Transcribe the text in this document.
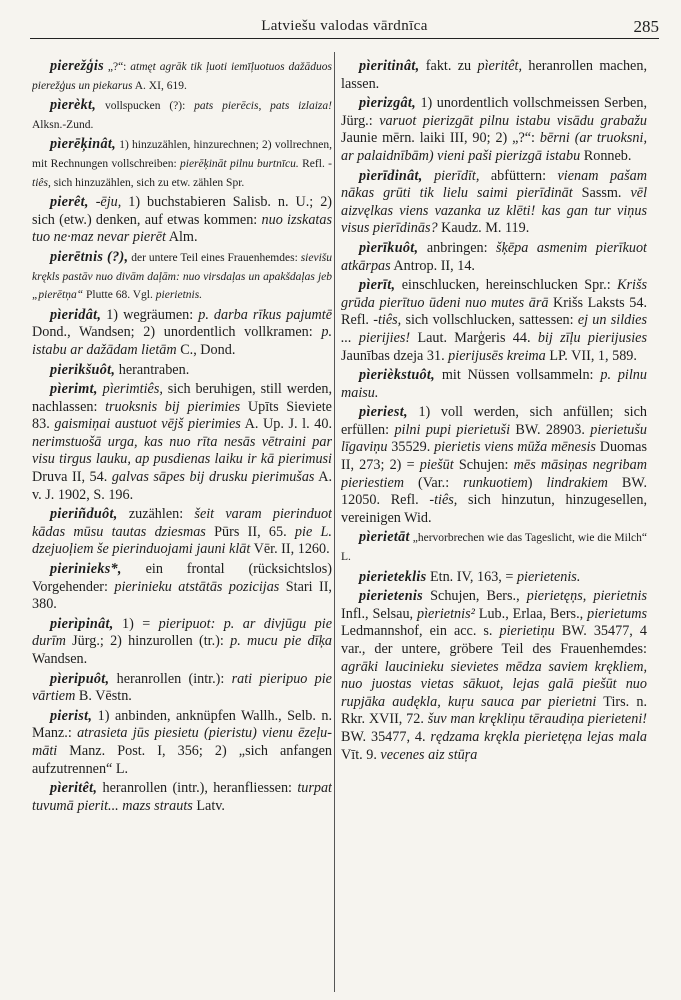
Latviešu valodas vārdnīca	285

pierežģis „?“: atmęt agrāk tik ļuoti iemīļuotuos dažāduos pierežģus un piekarus A. XI, 619.

pìerèkt, vollspucken (?): pats pierēcis, pats izlaiza! Alksn.-Zund.

pìerēķinât, 1) hinzuzählen, hinzurechnen; 2) vollrechnen, mit Rechnungen vollschreiben: pierēķināt pilnu burtnīcu. Refl. -tiês, sich hinzuzählen, sich zu etw. zählen Spr.

pierêt, -ēju, 1) buchstabieren Salisb. n. U.; 2) sich (etw.) denken, auf etwas kommen: nuo izskatas tuo ne·maz nevar pierēt Alm.

pierētnis (?), der untere Teil eines Frauenhemdes: sievišu krękls pastāv nuo divām daļām: nuo virsdaļas un apakšdaļas jeb „pierētņa“ Plutte 68. Vgl. pierietnis.

pìeridât, 1) wegräumen: p. darba rīkus pajumtē Dond., Wandsen; 2) unordentlich vollkramen: p. istabu ar dažādam lietām C., Dond.

pierikšuôt, herantraben.

pìerimt, pìerimtiês, sich beruhigen, still werden, nachlassen: truoksnis bij pierimies Upīts Sieviete 83. gaismiņai austuot vējš pierimies A. Up. J. l. 40. nerimstuošā urga, kas nuo rīta nesās vētraini par visu tirgus lauku, ap pusdienas laiku ir kā pierimusi Druva II, 54. galvas sāpes bij drusku pierimušas A. v. J. 1902, S. 196.

pieriñduôt, zuzählen: šeit varam pierinduot kādas mūsu tautas dziesmas Pūrs II, 65. pie L. dzejuoļiem še pierinduojami jauni klāt Vēr. II, 1260.

pierinieks*, ein frontal (rücksichtslos) Vorgehender: pierinieku atstātās pozicijas Stari II, 380.

pierìpinât, 1) = pieripuot: p. ar divjūgu pie durīm Jürg.; 2) hinzurollen (tr.): p. mucu pie dīķa Wandsen.

pìeripuôt, heranrollen (intr.): rati pieripuo pie vārtiem B. Vēstn.

pierist, 1) anbinden, anknüpfen Wallh., Selb. n. Manz.: atrasieta jūs piesietu (pieristu) vienu ēzeļu-māti Manz. Post. I, 356; 2) „sich anfangen aufzutrennen“ L.

pìeritêt, heranrollen (intr.), heranfliessen: turpat tuvumā pierit... mazs strauts Latv.

pìeritinât, fakt. zu pìeritêt, heranrollen machen, lassen.

pìerizgât, 1) unordentlich vollschmeissen Serben, Jürg.: varuot pierizgāt pilnu istabu visādu grabažu Jaunie mērn. laiki III, 90; 2) „?“: bērni (ar truoksni, ar palaidnībām) vieni paši pierizgā istabu Ronneb.

pìerīdinât, pierīdīt, abfüttern: vienam pašam nākas grūti tik lielu saimi pierīdināt Sassm. vēl aizvęlkas viens vazanka uz klēti! kas gan tur viņus visus pierīdinās? Kaudz. M. 119.

pìerīkuôt, anbringen: šķēpa asmenim pierīkuot atkārpas Antrop. II, 14.

pìerīt, einschlucken, hereinschlucken Spr.: Krišs grūda pierītuo ūdeni nuo mutes ārā Krišs Laksts 54. Refl. -tiês, sich vollschlucken, sattessen: ej un sildies ... pierijies! Laut. Marģeris 44. bij zīļu pierijusies Jaunības dzeja 31. pierijusēs kreima LP. VII, 1, 589.

pìerièkstuôt, mit Nüssen vollsammeln: p. pilnu maisu.

pìeriest, 1) voll werden, sich anfüllen; sich erfüllen: pilni pupi pierietuši BW. 28903. pierietušu līgaviņu 35529. pierietis viens mūža mēnesis Duomas II, 273; 2) = piešūt Schujen: mēs māsiņas negribam pieriestiem (Var.: runkuotiem) lindrakiem BW. 12050. Refl. -tiês, sich hinzutun, hinzugesellen, vereinigen Wid.

pìerietāt „hervorbrechen wie das Tageslicht, wie die Milch“ L.

pierieteklis Etn. IV, 163, = pierietenis.

pierietenis Schujen, Bers., pierietęņs, pierietnis Infl., Selsau, pìerietnis² Lub., Erlaa, Bers., pierietums Ledmannshof, ein acc. s. pierietiņu BW. 35477, 4 var., der untere, gröbere Teil des Frauenhemdes: agrāki laucinieku sievietes mēdza saviem krękliem, nuo juostas vietas sākuot, lejas galā piešūt nuo rupjāka audękla, kuŗu sauca par pierietni Tirs. n. Rkr. XVII, 72. šuv man krękliņu tēraudiņa pierieteni! BW. 35477, 4. rędzama krękla pierietęņa lejas mala Vīt. 9. vecenes aiz stūŗa
